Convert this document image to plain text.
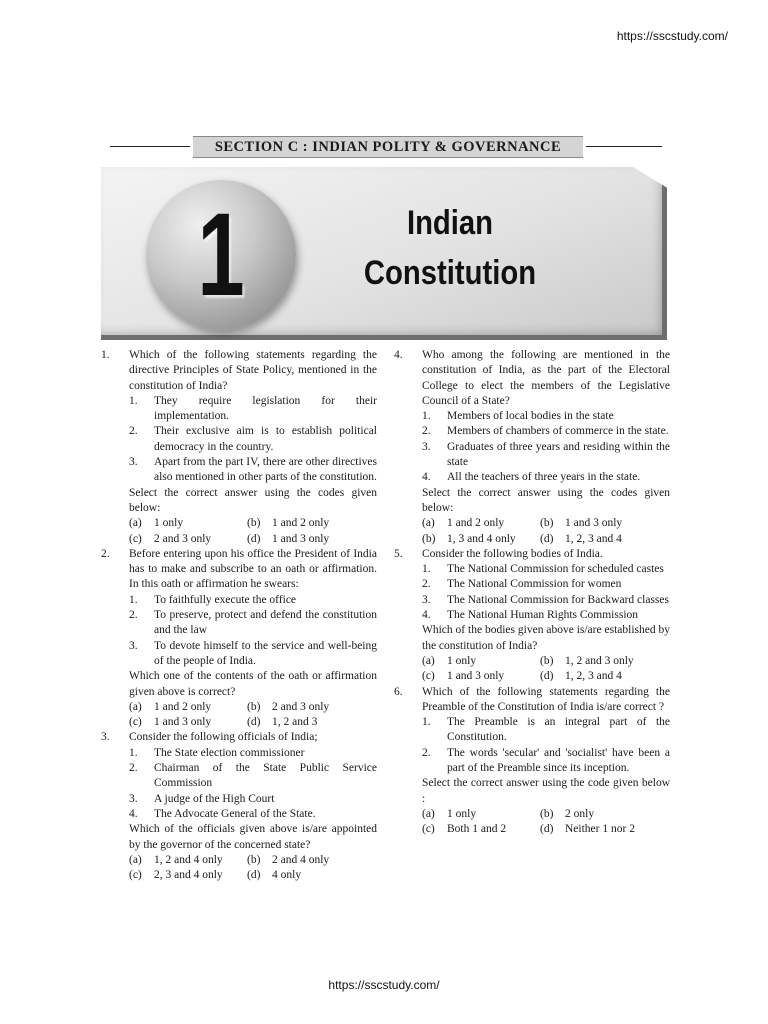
https://sscstudy.com/
SECTION C : INDIAN POLITY & GOVERNANCE
1	Indian
Constitution
1. Which of the following statements regarding the directive Principles of State Policy, mentioned in the constitution of India?
1. They require legislation for their implementation.
2. Their exclusive aim is to establish political democracy in the country.
3. Apart from the part IV, there are other directives also mentioned in other parts of the constitution.
Select the correct answer using the codes given below:
(a) 1 only	(b) 1 and 2 only
(c) 2 and 3 only	(d) 1 and 3 only
2. Before entering upon his office the President of India has to make and subscribe to an oath or affirmation. In this oath or affirmation he swears:
1. To faithfully execute the office
2. To preserve, protect and defend the constitution and the law
3. To devote himself to the service and well-being of the people of India.
Which one of the contents of the oath or affirmation given above is correct?
(a) 1 and 2 only	(b) 2 and 3 only
(c) 1 and 3 only	(d) 1, 2 and 3
3. Consider the following officials of India;
1. The State election commissioner
2. Chairman of the State Public Service Commission
3. A judge of the High Court
4. The Advocate General of the State.
Which of the officials given above is/are appointed by the governor of the concerned state?
(a) 1, 2 and 4 only	(b) 2 and 4 only
(c) 2, 3 and 4 only	(d) 4 only
4. Who among the following are mentioned in the constitution of India, as the part of the Electoral College to elect the members of the Legislative Council of a State?
1. Members of local bodies in the state
2. Members of chambers of commerce in the state.
3. Graduates of three years and residing within the state
4. All the teachers of three years in the state.
Select the correct answer using the codes given below:
(a) 1 and 2 only	(b) 1 and 3 only
(b) 1, 3 and 4 only	(d) 1, 2, 3 and 4
5. Consider the following bodies of India.
1. The National Commission for scheduled castes
2. The National Commission for women
3. The National Commission for Backward classes
4. The National Human Rights Commission
Which of the bodies given above is/are established by the constitution of India?
(a) 1 only	(b) 1, 2 and 3 only
(c) 1 and 3 only	(d) 1, 2, 3 and 4
6. Which of the following statements regarding the Preamble of the Constitution of India is/are correct ?
1. The Preamble is an integral part of the Constitution.
2. The words 'secular' and 'socialist' have been a part of the Preamble since its inception.
Select the correct answer using the code given below :
(a) 1 only	(b) 2 only
(c) Both 1 and 2	(d) Neither 1 nor 2
https://sscstudy.com/
